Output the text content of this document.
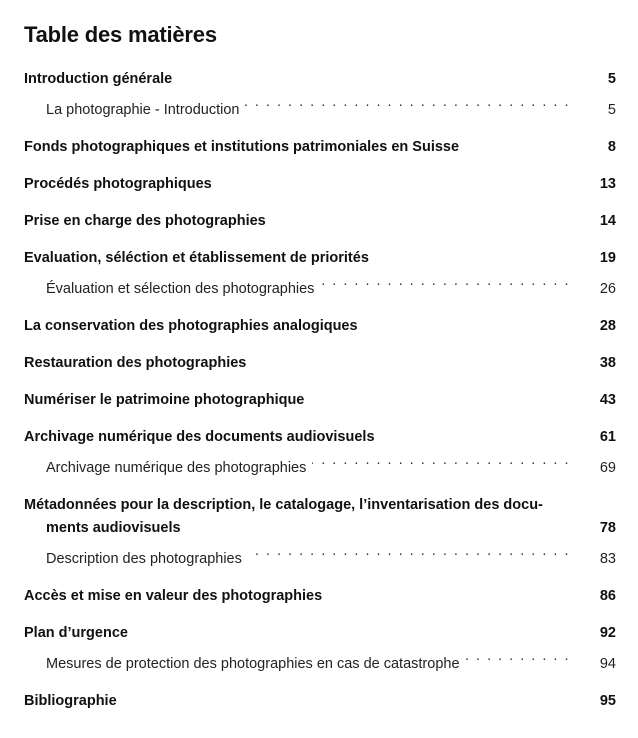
Table des matières
Introduction générale	5
La photographie - Introduction . . .	5
Fonds photographiques et institutions patrimoniales en Suisse	8
Procédés photographiques	13
Prise en charge des photographies	14
Evaluation, séléction et établissement de priorités	19
Évaluation et sélection des photographies . . .	26
La conservation des photographies analogiques	28
Restauration des photographies	38
Numériser le patrimoine photographique	43
Archivage numérique des documents audiovisuels	61
Archivage numérique des photographies . . .	69
Métadonnées pour la description, le catalogage, l’inventarisation des docu-
ments audiovisuels	78
Description des photographies . . .	83
Accès et mise en valeur des photographies	86
Plan d’urgence	92
Mesures de protection des photographies en cas de catastrophe . . .	94
Bibliographie	95
